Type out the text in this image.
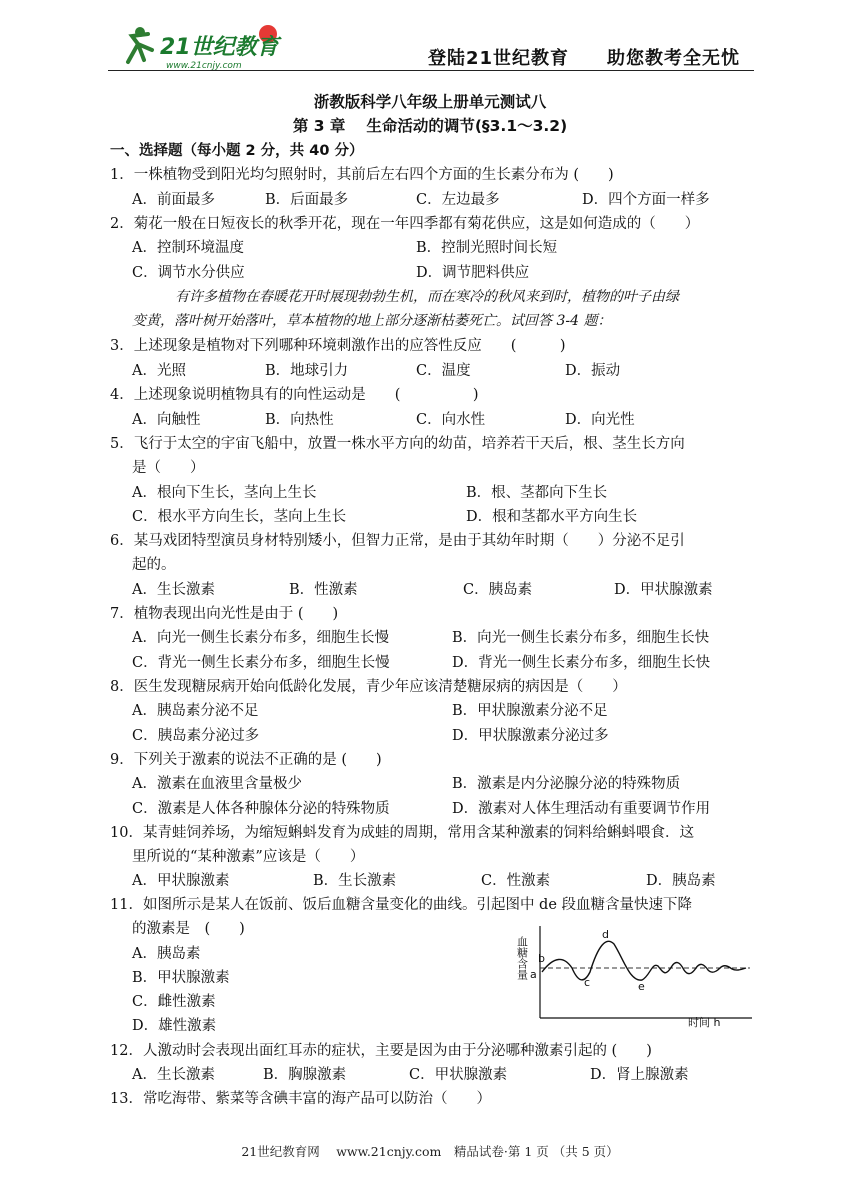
21世纪教育
www.21cnjy.com	登陆21世纪教育　　助您教考全无忧
浙教版科学八年级上册单元测试八
第 3 章　 生命活动的调节(§3.1～3.2)
一、选择题（每小题 2 分，共 40 分）
1．一株植物受到阳光均匀照射时，其前后左右四个方面的生长素分布为 (　　)
A．前面最多	B．后面最多	C．左边最多	D．四个方面一样多
2．菊花一般在日短夜长的秋季开花，现在一年四季都有菊花供应，这是如何造成的（　　）
A．控制环境温度	B．控制光照时间长短
C．调节水分供应	D．调节肥料供应
有许多植物在春暖花开时展现勃勃生机，而在寒冷的秋风来到时，植物的叶子由绿
变黄，落叶树开始落叶，草本植物的地上部分逐渐枯萎死亡。试回答 3-4 题：
3．上述现象是植物对下列哪种环境刺激作出的应答性反应　　(　　　)
A．光照	B．地球引力	C．温度	D．振动
4．上述现象说明植物具有的向性运动是　　(　　　　　)
A．向触性	B．向热性	C．向水性	D．向光性
5．飞行于太空的宇宙飞船中，放置一株水平方向的幼苗，培养若干天后，根、茎生长方向
是（　　）
A．根向下生长，茎向上生长	B．根、茎都向下生长
C．根水平方向生长，茎向上生长	D．根和茎都水平方向生长
6．某马戏团特型演员身材特别矮小，但智力正常，是由于其幼年时期（　　）分泌不足引
起的。
A．生长激素	B．性激素	C．胰岛素	D．甲状腺激素
7．植物表现出向光性是由于 (　　)
A．向光一侧生长素分布多，细胞生长慢	B．向光一侧生长素分布多，细胞生长快
C．背光一侧生长素分布多，细胞生长慢	D．背光一侧生长素分布多，细胞生长快
8．医生发现糖尿病开始向低龄化发展，青少年应该清楚糖尿病的病因是（　　）
A．胰岛素分泌不足	B．甲状腺激素分泌不足
C．胰岛素分泌过多	D．甲状腺激素分泌过多
9．下列关于激素的说法不正确的是 (　　)
A．激素在血液里含量极少	B．激素是内分泌腺分泌的特殊物质
C．激素是人体各种腺体分泌的特殊物质	D．激素对人体生理活动有重要调节作用
10．某青蛙饲养场，为缩短蝌蚪发育为成蛙的周期，常用含某种激素的饲料给蝌蚪喂食．这
里所说的“某种激素”应该是（　　）
A．甲状腺激素	B．生长激素	C．性激素	D．胰岛素
11．如图所示是某人在饭前、饭后血糖含量变化的曲线。引起图中 de 段血糖含量快速下降
的激素是　(　　)
A．胰岛素
B．甲状腺激素
C．雌性激素
D．雄性激素
血糖含量
时间 h
a
b
c
d
e
12．人激动时会表现出面红耳赤的症状，主要是因为由于分泌哪种激素引起的 (　　)
A．生长激素	B．胸腺激素	C．甲状腺激素	D．肾上腺激素
13．常吃海带、紫菜等含碘丰富的海产品可以防治（　　）
21世纪教育网　 www.21cnjy.com　精品试卷·第 1 页 （共 5 页）
